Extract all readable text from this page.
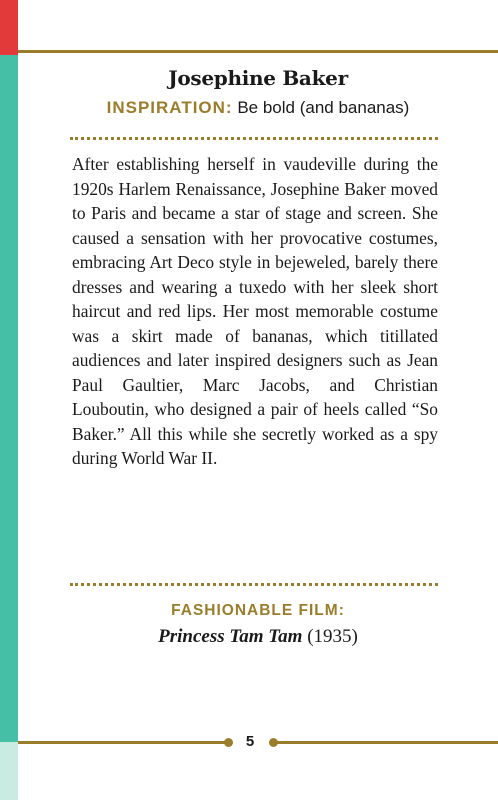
Josephine Baker
INSPIRATION: Be bold (and bananas)
After establishing herself in vaudeville during the 1920s Harlem Renaissance, Josephine Baker moved to Paris and became a star of stage and screen. She caused a sensation with her provocative costumes, embracing Art Deco style in bejeweled, barely there dresses and wearing a tuxedo with her sleek short haircut and red lips. Her most memorable costume was a skirt made of bananas, which titillated audiences and later inspired designers such as Jean Paul Gaultier, Marc Jacobs, and Christian Louboutin, who designed a pair of heels called “So Baker.” All this while she secretly worked as a spy during World War II.
FASHIONABLE FILM:
Princess Tam Tam (1935)
5
